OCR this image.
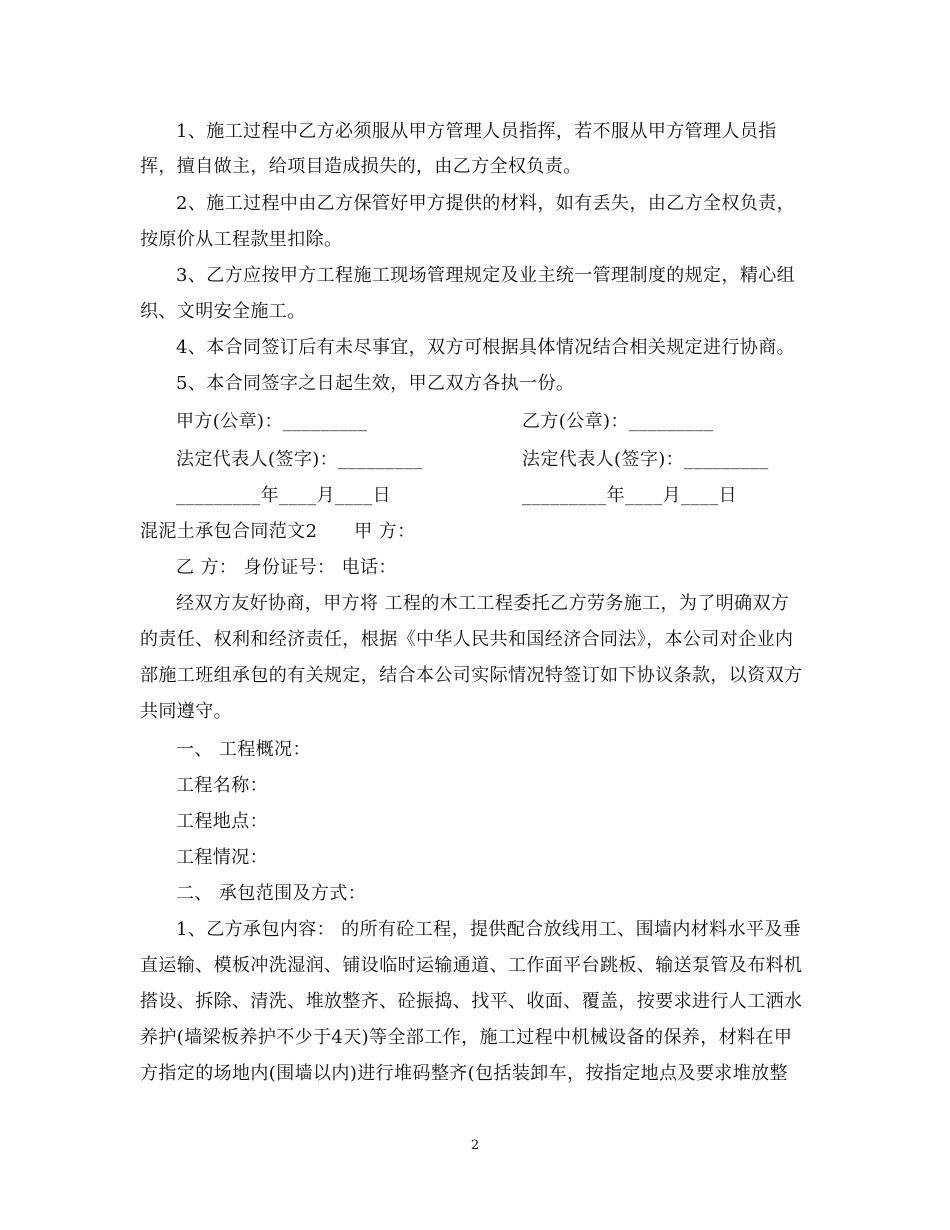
1、施工过程中乙方必须服从甲方管理人员指挥，若不服从甲方管理人员指
挥，擅自做主，给项目造成损失的，由乙方全权负责。
2、施工过程中由乙方保管好甲方提供的材料，如有丢失，由乙方全权负责，
按原价从工程款里扣除。
3、乙方应按甲方工程施工现场管理规定及业主统一管理制度的规定，精心组
织、文明安全施工。
4、本合同签订后有未尽事宜，双方可根据具体情况结合相关规定进行协商。
5、本合同签字之日起生效，甲乙双方各执一份。
甲方(公章)：_________	乙方(公章)：_________
法定代表人(签字)：_________	法定代表人(签字)：_________
_________年____月____日	_________年____月____日
混泥土承包合同范文2　　甲 方：
乙 方： 身份证号： 电话：
经双方友好协商，甲方将 工程的木工工程委托乙方劳务施工，为了明确双方
的责任、权利和经济责任，根据《中华人民共和国经济合同法》，本公司对企业内
部施工班组承包的有关规定，结合本公司实际情况特签订如下协议条款，以资双方
共同遵守。
一、 工程概况：
工程名称：
工程地点：
工程情况：
二、 承包范围及方式：
1、乙方承包内容： 的所有砼工程，提供配合放线用工、围墙内材料水平及垂
直运输、模板冲洗湿润、铺设临时运输通道、工作面平台跳板、输送泵管及布料机
搭设、拆除、清洗、堆放整齐、砼振捣、找平、收面、覆盖，按要求进行人工洒水
养护(墙梁板养护不少于4天)等全部工作，施工过程中机械设备的保养，材料在甲
方指定的场地内(围墙以内)进行堆码整齐(包括装卸车，按指定地点及要求堆放整
2
